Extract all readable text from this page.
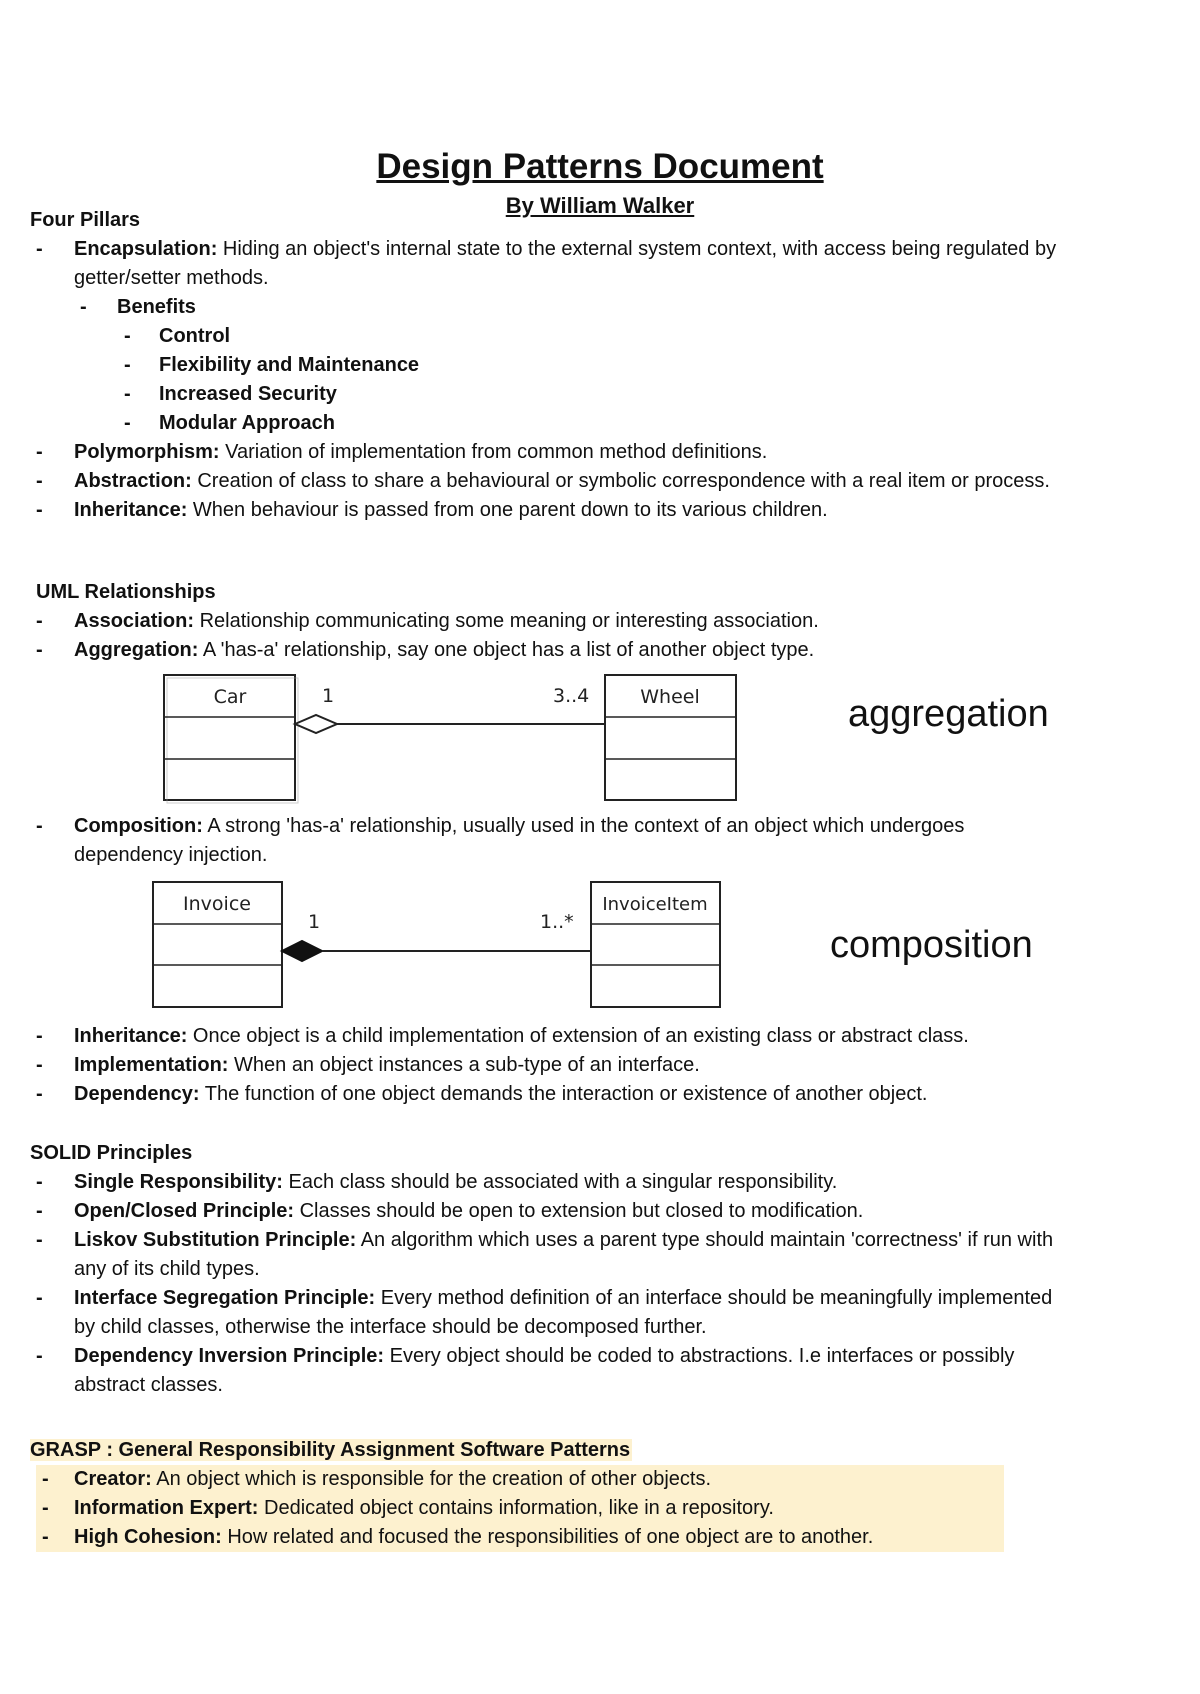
Design Patterns Document
By William Walker
Four Pillars
- Encapsulation: Hiding an object's internal state to the external system context, with access being regulated by
getter/setter methods.
- Benefits
- Control
- Flexibility and Maintenance
- Increased Security
- Modular Approach
- Polymorphism: Variation of implementation from common method definitions.
- Abstraction: Creation of class to share a behavioural or symbolic correspondence with a real item or process.
- Inheritance: When behaviour is passed from one parent down to its various children.
UML Relationships
- Association: Relationship communicating some meaning or interesting association.
- Aggregation: A 'has-a' relationship, say one object has a list of another object type.
Car	Wheel
1	3..4	aggregation
- Composition: A strong 'has-a' relationship, usually used in the context of an object which undergoes
dependency injection.
Invoice	InvoiceItem
1	1..*
composition
- Inheritance: Once object is a child implementation of extension of an existing class or abstract class.
- Implementation: When an object instances a sub-type of an interface.
- Dependency: The function of one object demands the interaction or existence of another object.
SOLID Principles
- Single Responsibility: Each class should be associated with a singular responsibility.
- Open/Closed Principle: Classes should be open to extension but closed to modification.
- Liskov Substitution Principle: An algorithm which uses a parent type should maintain 'correctness' if run with
any of its child types.
- Interface Segregation Principle: Every method definition of an interface should be meaningfully implemented
by child classes, otherwise the interface should be decomposed further.
- Dependency Inversion Principle: Every object should be coded to abstractions. I.e interfaces or possibly
abstract classes.
GRASP : General Responsibility Assignment Software Patterns
- Creator: An object which is responsible for the creation of other objects.
- Information Expert: Dedicated object contains information, like in a repository.
- High Cohesion: How related and focused the responsibilities of one object are to another.
